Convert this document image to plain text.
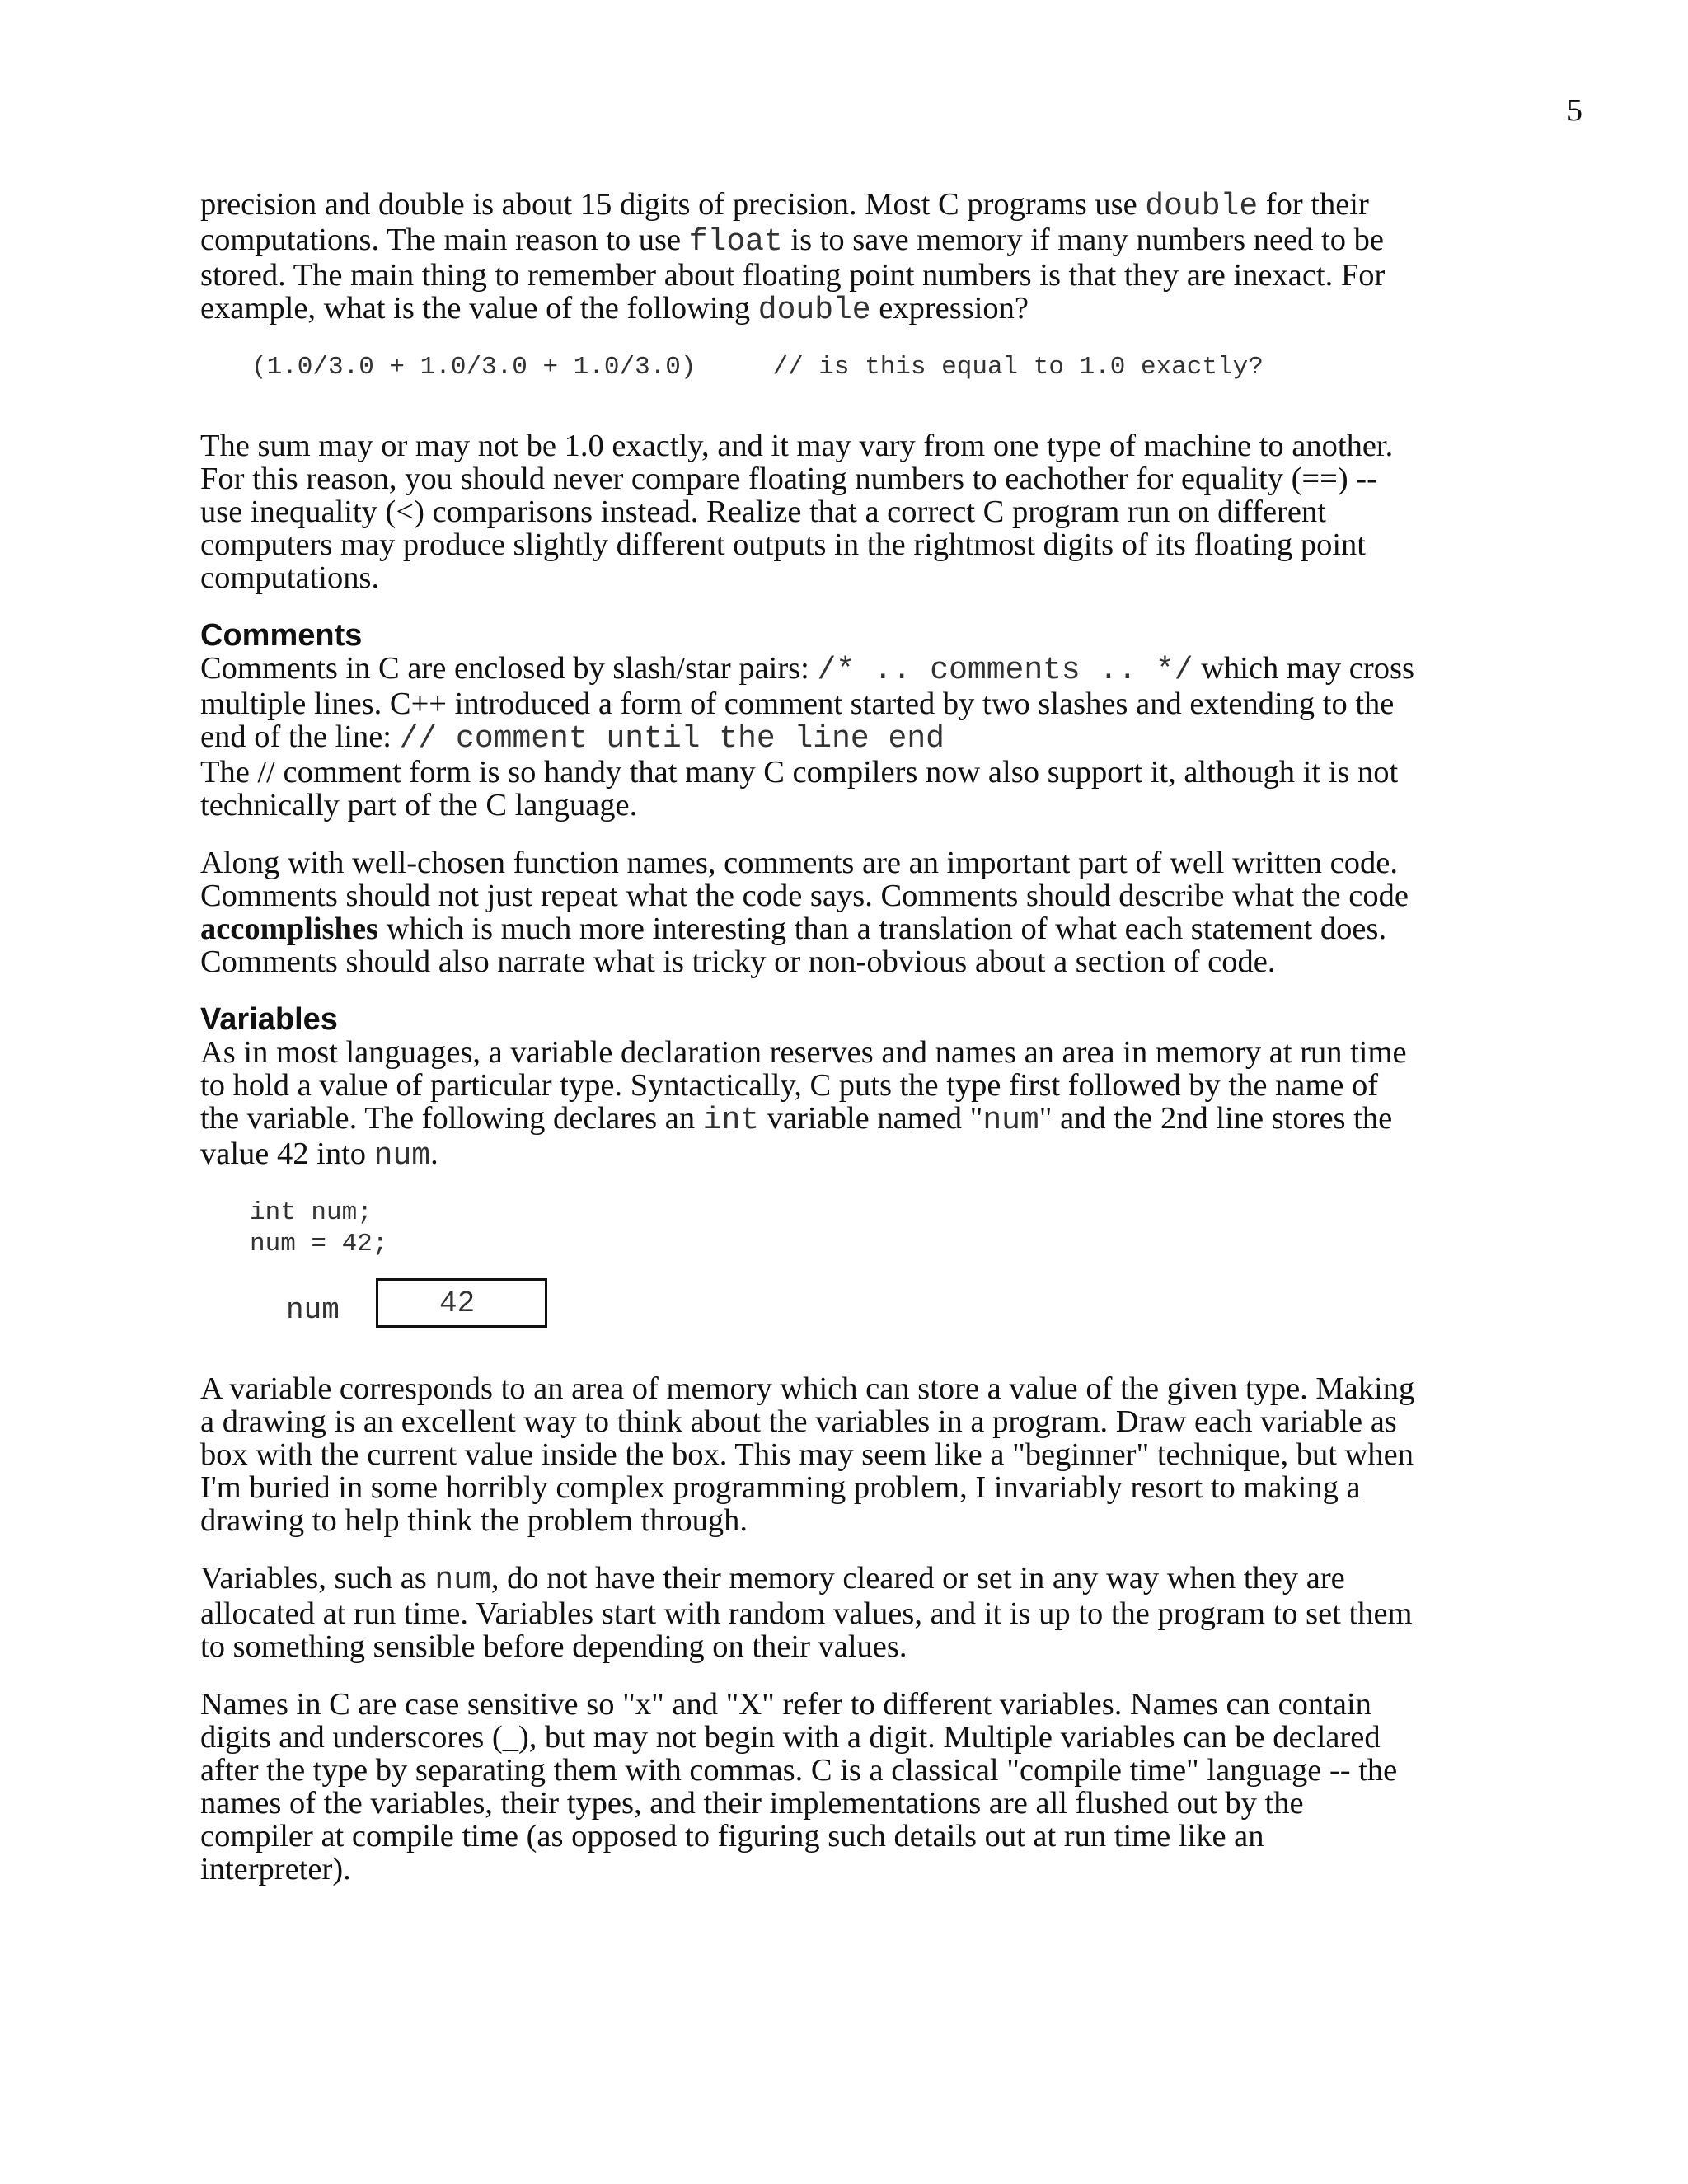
5

precision and double is about 15 digits of precision. Most C programs use double for their computations. The main reason to use float is to save memory if many numbers need to be stored. The main thing to remember about floating point numbers is that they are inexact. For example, what is the value of the following double expression?

(1.0/3.0 + 1.0/3.0 + 1.0/3.0)     // is this equal to 1.0 exactly?

The sum may or may not be 1.0 exactly, and it may vary from one type of machine to another. For this reason, you should never compare floating numbers to eachother for equality (==) -- use inequality (<) comparisons instead. Realize that a correct C program run on different computers may produce slightly different outputs in the rightmost digits of its floating point computations.

Comments

Comments in C are enclosed by slash/star pairs: /* .. comments .. */ which may cross multiple lines. C++ introduced a form of comment started by two slashes and extending to the end of the line: // comment until the line end
The // comment form is so handy that many C compilers now also support it, although it is not technically part of the C language.

Along with well-chosen function names, comments are an important part of well written code. Comments should not just repeat what the code says. Comments should describe what the code accomplishes which is much more interesting than a translation of what each statement does. Comments should also narrate what is tricky or non-obvious about a section of code.

Variables

As in most languages, a variable declaration reserves and names an area in memory at run time to hold a value of particular type. Syntactically, C puts the type first followed by the name of the variable. The following declares an int variable named "num" and the 2nd line stores the value 42 into num.

int num;
num = 42;
num	42

A variable corresponds to an area of memory which can store a value of the given type. Making a drawing is an excellent way to think about the variables in a program. Draw each variable as box with the current value inside the box. This may seem like a "beginner" technique, but when I'm buried in some horribly complex programming problem, I invariably resort to making a drawing to help think the problem through.

Variables, such as num, do not have their memory cleared or set in any way when they are allocated at run time. Variables start with random values, and it is up to the program to set them to something sensible before depending on their values.

Names in C are case sensitive so "x" and "X" refer to different variables. Names can contain digits and underscores (_), but may not begin with a digit. Multiple variables can be declared after the type by separating them with commas. C is a classical "compile time" language -- the names of the variables, their types, and their implementations are all flushed out by the compiler at compile time (as opposed to figuring such details out at run time like an interpreter).
